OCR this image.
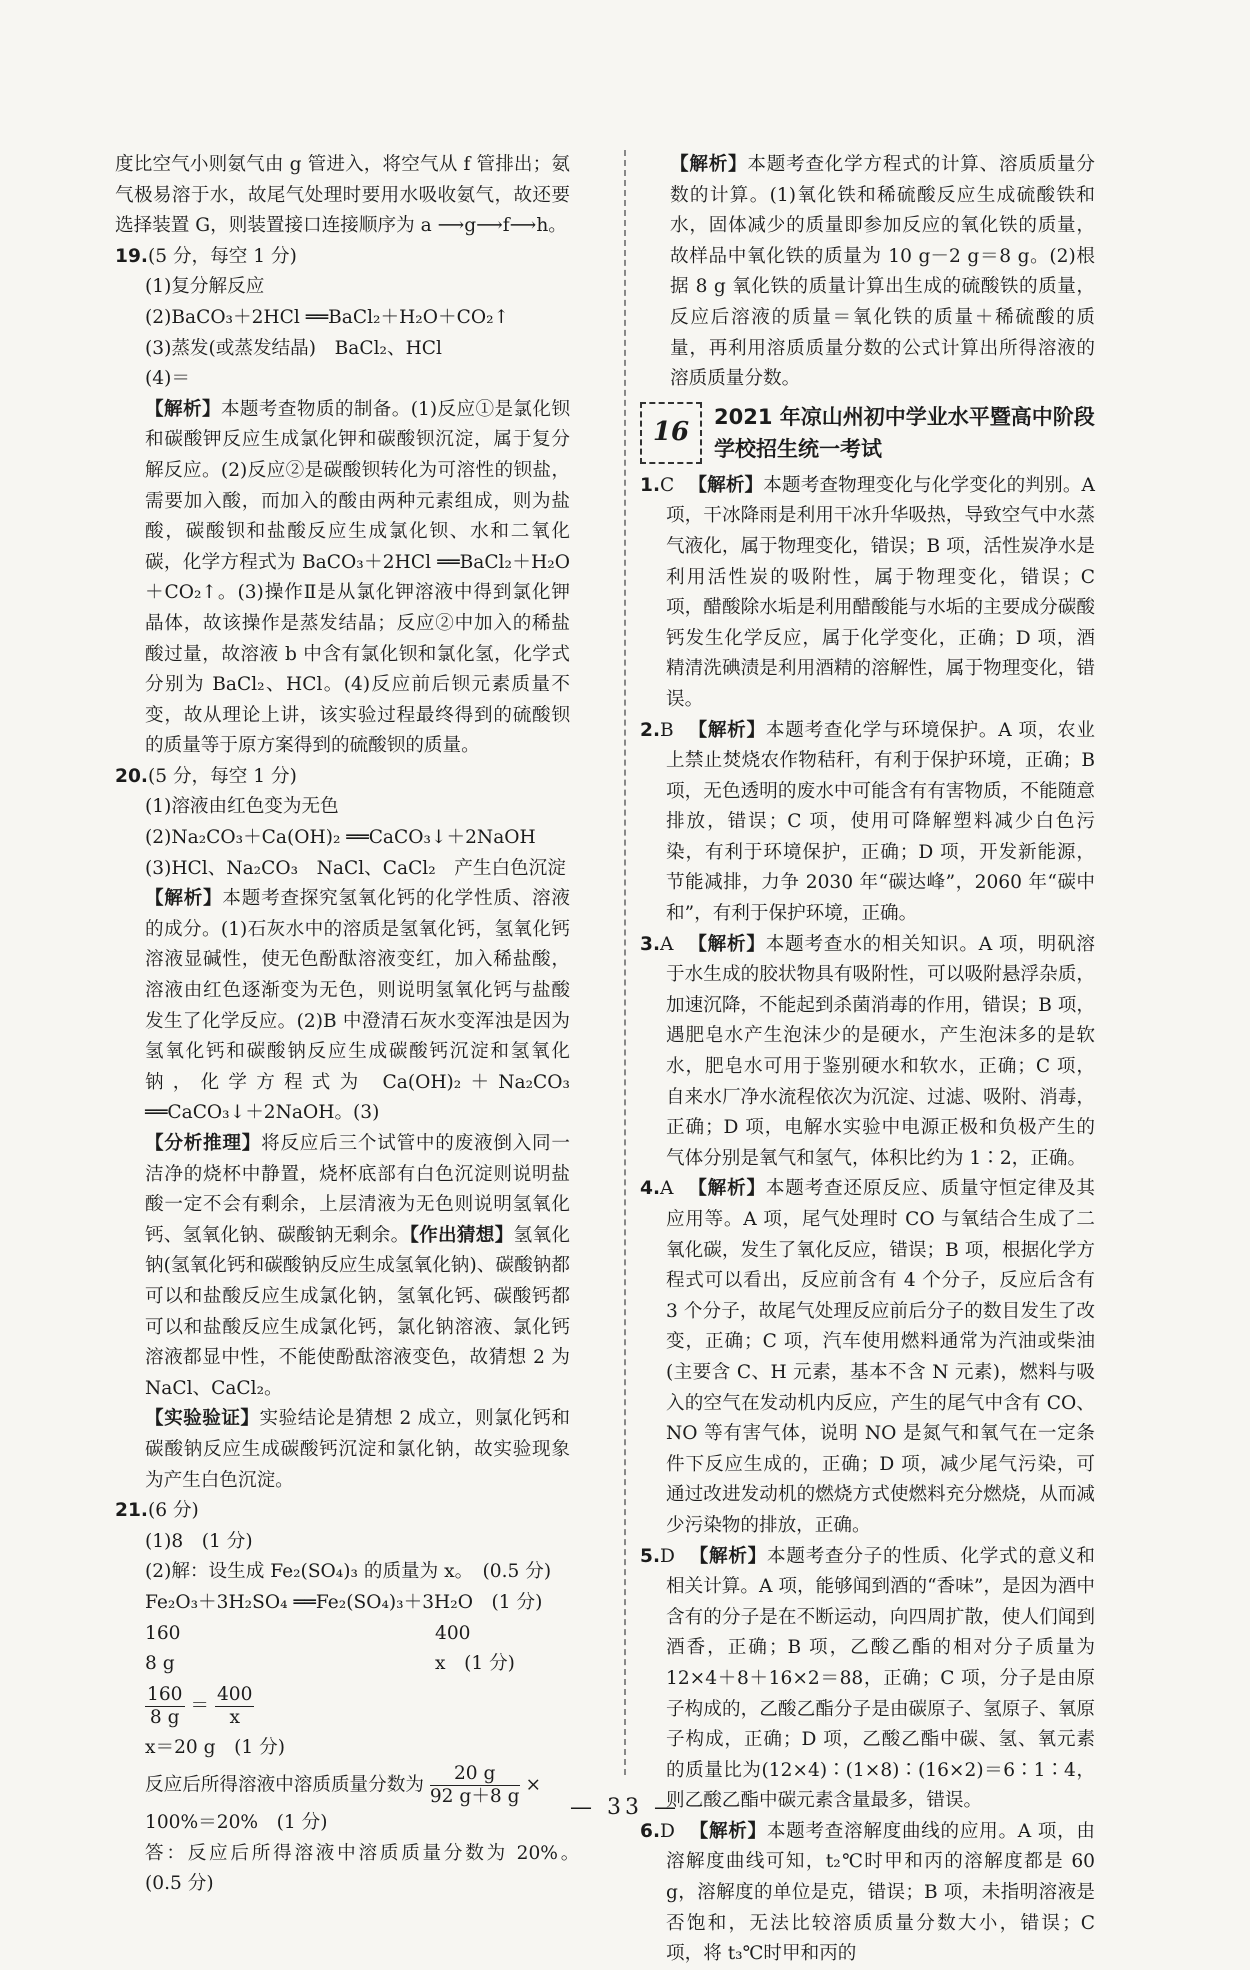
度比空气小则氨气由 g 管进入，将空气从 f 管排出；氨气极易溶于水，故尾气处理时要用水吸收氨气，故还要选择装置 G，则装置接口连接顺序为 a ⟶g⟶f⟶h。

19.(5 分，每空 1 分)

(1)复分解反应

(2)BaCO₃＋2HCl ══BaCl₂＋H₂O＋CO₂↑

(3)蒸发(或蒸发结晶)　BaCl₂、HCl

(4)＝

【解析】本题考查物质的制备。(1)反应①是氯化钡和碳酸钾反应生成氯化钾和碳酸钡沉淀，属于复分解反应。(2)反应②是碳酸钡转化为可溶性的钡盐，需要加入酸，而加入的酸由两种元素组成，则为盐酸，碳酸钡和盐酸反应生成氯化钡、水和二氧化碳，化学方程式为 BaCO₃＋2HCl ══BaCl₂＋H₂O＋CO₂↑。(3)操作Ⅱ是从氯化钾溶液中得到氯化钾晶体，故该操作是蒸发结晶；反应②中加入的稀盐酸过量，故溶液 b 中含有氯化钡和氯化氢，化学式分别为 BaCl₂、HCl。(4)反应前后钡元素质量不变，故从理论上讲，该实验过程最终得到的硫酸钡的质量等于原方案得到的硫酸钡的质量。

20.(5 分，每空 1 分)

(1)溶液由红色变为无色

(2)Na₂CO₃＋Ca(OH)₂ ══CaCO₃↓＋2NaOH

(3)HCl、Na₂CO₃　NaCl、CaCl₂　产生白色沉淀

【解析】本题考查探究氢氧化钙的化学性质、溶液的成分。(1)石灰水中的溶质是氢氧化钙，氢氧化钙溶液显碱性，使无色酚酞溶液变红，加入稀盐酸，溶液由红色逐渐变为无色，则说明氢氧化钙与盐酸发生了化学反应。(2)B 中澄清石灰水变浑浊是因为氢氧化钙和碳酸钠反应生成碳酸钙沉淀和氢氧化钠，化学方程式为 Ca(OH)₂＋Na₂CO₃ ══CaCO₃↓＋2NaOH。(3)

【分析推理】将反应后三个试管中的废液倒入同一洁净的烧杯中静置，烧杯底部有白色沉淀则说明盐酸一定不会有剩余，上层清液为无色则说明氢氧化钙、氢氧化钠、碳酸钠无剩余。【作出猜想】氢氧化钠(氢氧化钙和碳酸钠反应生成氢氧化钠)、碳酸钠都可以和盐酸反应生成氯化钠，氢氧化钙、碳酸钙都可以和盐酸反应生成氯化钙，氯化钠溶液、氯化钙溶液都显中性，不能使酚酞溶液变色，故猜想 2 为 NaCl、CaCl₂。

【实验验证】实验结论是猜想 2 成立，则氯化钙和碳酸钠反应生成碳酸钙沉淀和氯化钠，故实验现象为产生白色沉淀。

21.(6 分)

(1)8　(1 分)

(2)解：设生成 Fe₂(SO₄)₃ 的质量为 x。　(0.5 分)

Fe₂O₃＋3H₂SO₄ ══Fe₂(SO₄)₃＋3H₂O　(1 分)

160	400
8 g	x　(1 分)
$\frac{160}{8 g} = \frac{400}{x}$

x＝20 g　(1 分)

反应后所得溶液中溶质质量分数为 $\frac{20 g}{92 g+8 g}$ ×

100%＝20%　(1 分)

答：反应后所得溶液中溶质质量分数为 20%。　(0.5 分)

【解析】本题考查化学方程式的计算、溶质质量分数的计算。(1)氧化铁和稀硫酸反应生成硫酸铁和水，固体减少的质量即参加反应的氧化铁的质量，故样品中氧化铁的质量为 10 g－2 g＝8 g。(2)根据 8 g 氧化铁的质量计算出生成的硫酸铁的质量，反应后溶液的质量＝氧化铁的质量＋稀硫酸的质量，再利用溶质质量分数的公式计算出所得溶液的溶质质量分数。

16
2021 年凉山州初中学业水平暨高中阶段学校招生统一考试

1.C 【解析】本题考查物理变化与化学变化的判别。A 项，干冰降雨是利用干冰升华吸热，导致空气中水蒸气液化，属于物理变化，错误；B 项，活性炭净水是利用活性炭的吸附性，属于物理变化，错误；C 项，醋酸除水垢是利用醋酸能与水垢的主要成分碳酸钙发生化学反应，属于化学变化，正确；D 项，酒精清洗碘渍是利用酒精的溶解性，属于物理变化，错误。

2.B 【解析】本题考查化学与环境保护。A 项，农业上禁止焚烧农作物秸秆，有利于保护环境，正确；B 项，无色透明的废水中可能含有有害物质，不能随意排放，错误；C 项，使用可降解塑料减少白色污染，有利于环境保护，正确；D 项，开发新能源，节能减排，力争 2030 年“碳达峰”，2060 年“碳中和”，有利于保护环境，正确。

3.A 【解析】本题考查水的相关知识。A 项，明矾溶于水生成的胶状物具有吸附性，可以吸附悬浮杂质，加速沉降，不能起到杀菌消毒的作用，错误；B 项，遇肥皂水产生泡沫少的是硬水，产生泡沫多的是软水，肥皂水可用于鉴别硬水和软水，正确；C 项，自来水厂净水流程依次为沉淀、过滤、吸附、消毒，正确；D 项，电解水实验中电源正极和负极产生的气体分别是氧气和氢气，体积比约为 1∶2，正确。

4.A 【解析】本题考查还原反应、质量守恒定律及其应用等。A 项，尾气处理时 CO 与氧结合生成了二氧化碳，发生了氧化反应，错误；B 项，根据化学方程式可以看出，反应前含有 4 个分子，反应后含有 3 个分子，故尾气处理反应前后分子的数目发生了改变，正确；C 项，汽车使用燃料通常为汽油或柴油(主要含 C、H 元素，基本不含 N 元素)，燃料与吸入的空气在发动机内反应，产生的尾气中含有 CO、NO 等有害气体，说明 NO 是氮气和氧气在一定条件下反应生成的，正确；D 项，减少尾气污染，可通过改进发动机的燃烧方式使燃料充分燃烧，从而减少污染物的排放，正确。

5.D 【解析】本题考查分子的性质、化学式的意义和相关计算。A 项，能够闻到酒的“香味”，是因为酒中含有的分子是在不断运动，向四周扩散，使人们闻到酒香，正确；B 项，乙酸乙酯的相对分子质量为 12×4＋8＋16×2＝88，正确；C 项，分子是由原子构成的，乙酸乙酯分子是由碳原子、氢原子、氧原子构成，正确；D 项，乙酸乙酯中碳、氢、氧元素的质量比为(12×4)∶(1×8)∶(16×2)＝6∶1∶4，则乙酸乙酯中碳元素含量最多，错误。

6.D 【解析】本题考查溶解度曲线的应用。A 项，由溶解度曲线可知，t₂℃时甲和丙的溶解度都是 60 g，溶解度的单位是克，错误；B 项，未指明溶液是否饱和，无法比较溶质质量分数大小，错误；C 项，将 t₃℃时甲和丙的

— 33 —
